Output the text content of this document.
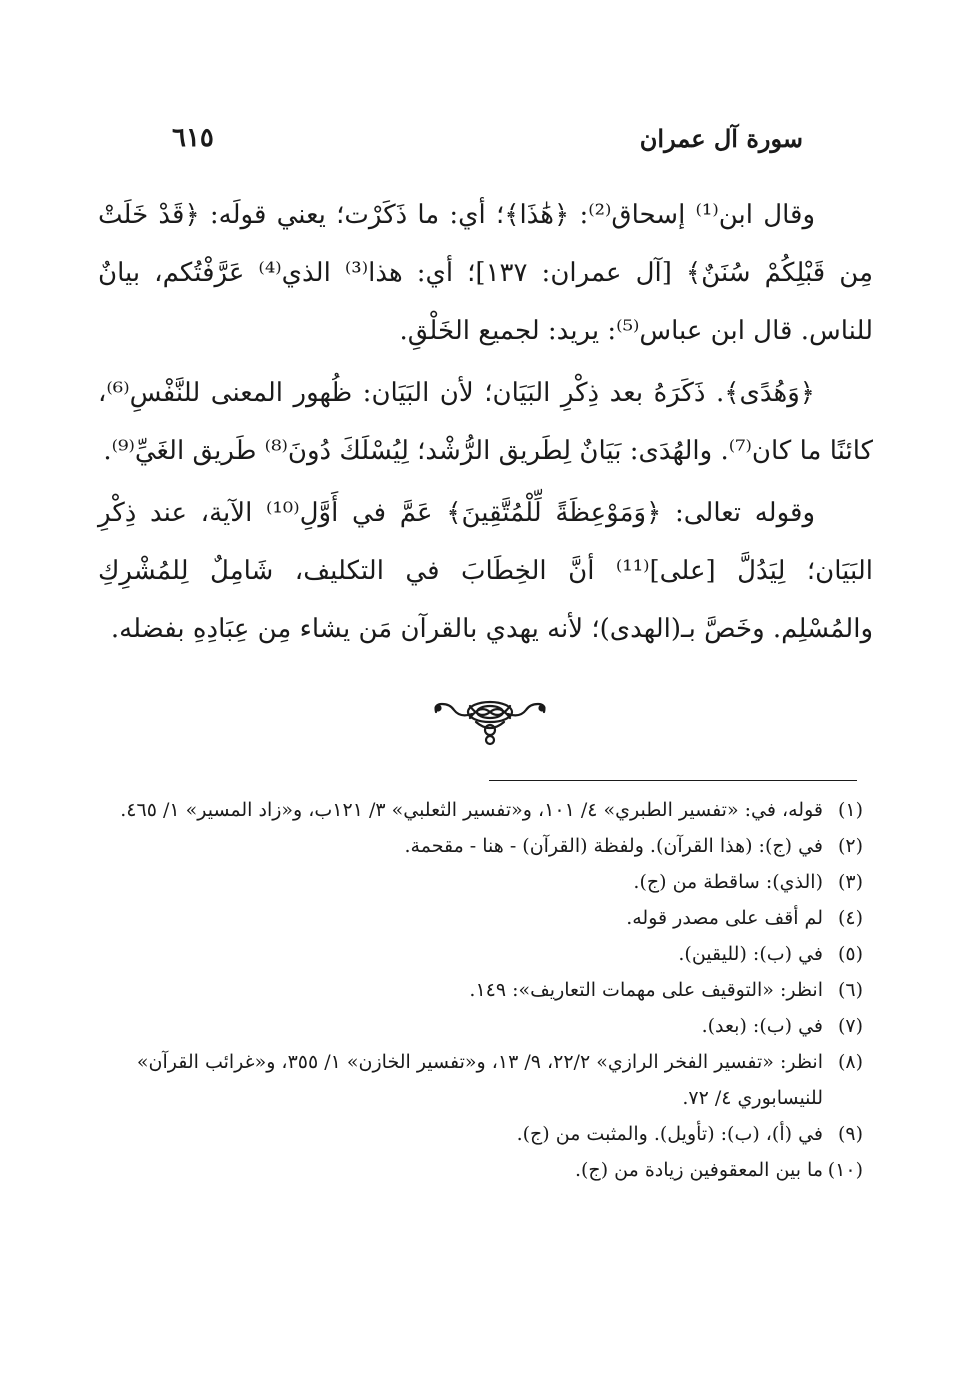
سورة آل عمران
٦١٥

وقال ابن⁽¹⁾ إسحاق⁽²⁾: ﴿هَٰذَا﴾؛ أي: ما ذَكَرْت؛ يعني قولَه: ﴿قَدْ خَلَتْ مِن قَبْلِكُمْ سُنَنٌ﴾ [آل عمران: ١٣٧]؛ أي: هذا⁽³⁾ الذي⁽⁴⁾ عَرَّفْتُكم، بيانٌ للناس. قال ابن عباس⁽⁵⁾: يريد: لجميع الخَلْقِ.

﴿وَهُدًى﴾. ذَكَرَهُ بعد ذِكْرِ البَيَان؛ لأن البَيَان: ظُهور المعنى للنَّفْسِ⁽⁶⁾، كائنًا ما كان⁽⁷⁾. والهُدَى: بَيَانٌ لِطَريق الرُّشْد؛ لِيُسْلَكَ دُونَ⁽⁸⁾ طَريق الغَيِّ⁽⁹⁾.

وقوله تعالى: ﴿وَمَوْعِظَةً لِّلْمُتَّقِينَ﴾ عَمَّ في أَوَّلِ⁽¹⁰⁾ الآية، عند ذِكْرِ البَيَان؛ لِيَدُلَّ [على]⁽¹¹⁾ أنَّ الخِطَابَ في التكليف، شَامِلٌ لِلمُشْرِكِ والمُسْلِم. وخَصَّ بـ(الهدى)؛ لأنه يهدي بالقرآن مَن يشاء مِن عِبَادِهِ بفضله.

(١)
قوله، في: «تفسير الطبري» ٤/ ١٠١، و«تفسير الثعلبي» ٣/ ١٢١ب، و«زاد المسير» ١/ ٤٦٥.
(٢)
في (ج): (هذا القرآن). ولفظة (القرآن) - هنا - مقحمة.
(٣)
(الذي): ساقطة من (ج).
(٤)
لم أقف على مصدر قوله.
(٥)
في (ب): (لليقين).
(٦)
انظر: «التوقيف على مهمات التعاريف»: ١٤٩.
(٧)
في (ب): (بعد).
(٨)
انظر: «تفسير الفخر الرازي» ٢٢/٢، ٩/ ١٣، و«تفسير الخازن» ١/ ٣٥٥، و«غرائب القرآن» للنيسابوري ٤/ ٧٢.
(٩)
في (أ)، (ب): (تأويل). والمثبت من (ج).
(١٠)
ما بين المعقوفين زيادة من (ج).
